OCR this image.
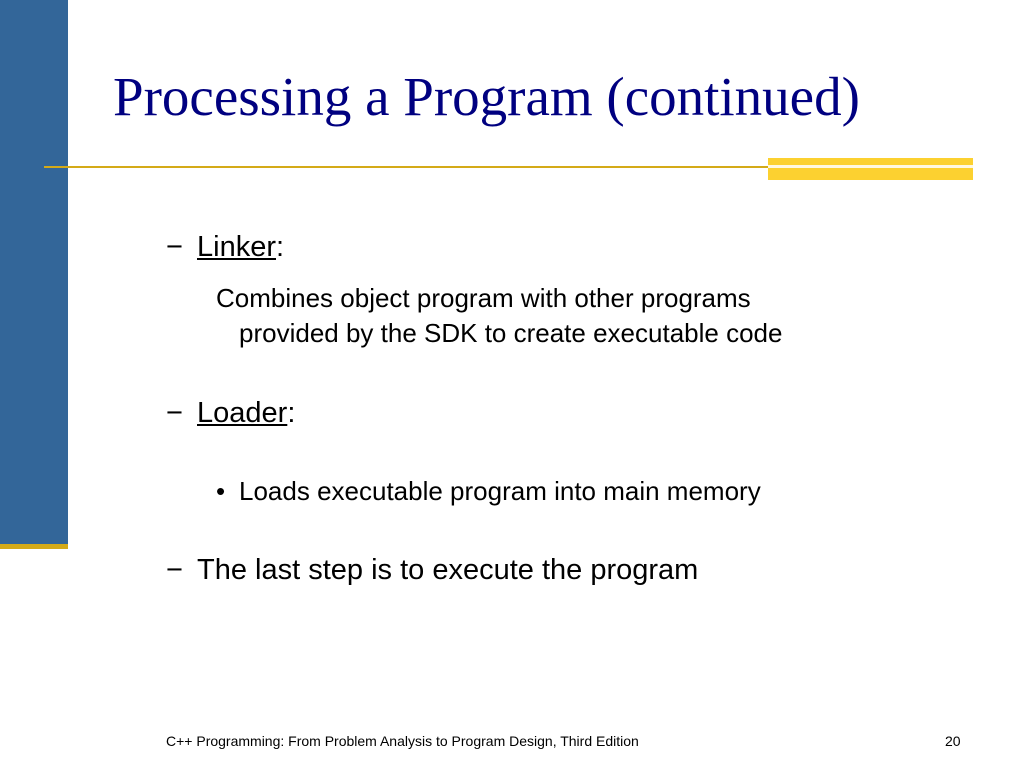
Processing a Program (continued)
− Linker:
Combines object program with other programs
provided by the SDK to create executable code
− Loader:
• Loads executable program into main memory
− The last step is to execute the program
C++ Programming: From Problem Analysis to Program Design, Third Edition	20
